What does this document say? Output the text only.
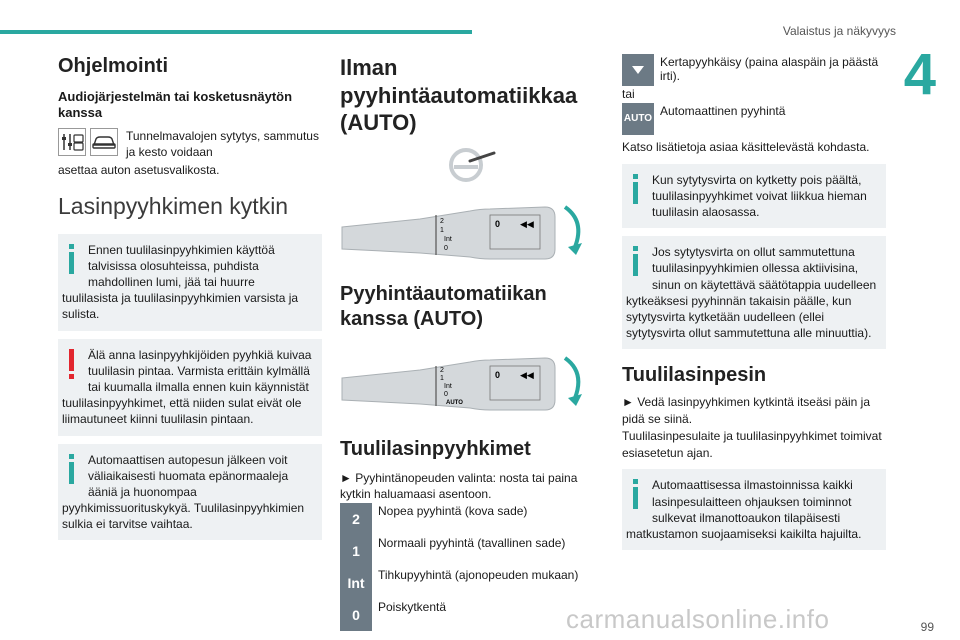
Valaistus ja näkyvyys
4
99
carmanualsonline.info
Ohjelmointi
Audiojärjestelmän tai kosketusnäytön kanssa
Tunnelmavalojen sytytys, sammutus ja kesto voidaan
asettaa auton asetusvalikosta.
Lasinpyyhkimen kytkin
Ennen tuulilasinpyyhkimien käyttöä talvisissa olosuhteissa, puhdista mahdollinen lumi, jää tai huurre tuulilasista ja tuulilasinpyyhkimien varsista ja sulista.
Älä anna lasinpyyhkijöiden pyyhkiä kuivaa tuulilasin pintaa. Varmista erittäin kylmällä tai kuumalla ilmalla ennen kuin käynnistät tuulilasinpyyhkimet, että niiden sulat eivät ole liimautuneet kiinni tuulilasin pintaan.
Automaattisen autopesun jälkeen voit väliaikaisesti huomata epänormaaleja ääniä ja huonompaa pyyhkimissuorituskykyä. Tuulilasinpyyhkimien sulkia ei tarvitse vaihtaa.
Ilman pyyhintäautomatiikkaa (AUTO)
2
1
Int
0
0 ◀◀
Pyyhintäautomatiikan kanssa (AUTO)
2
1
Int
0
AUTO
0 ◀◀
Tuulilasinpyyhkimet
► Pyyhintänopeuden valinta: nosta tai paina kytkin haluamaasi asentoon.
2	Nopea pyyhintä (kova sade)
1	Normaali pyyhintä (tavallinen sade)
Int	Tihkupyyhintä (ajonopeuden mukaan)
0	Poiskytkentä
Kertapyyhkäisy (paina alaspäin ja päästä irti).
tai
AUTO
Automaattinen pyyhintä
Katso lisätietoja asiaa käsittelevästä kohdasta.
Kun sytytysvirta on kytketty pois päältä, tuulilasinpyyhkimet voivat liikkua hieman tuulilasin alaosassa.
Jos sytytysvirta on ollut sammutettuna tuulilasinpyyhkimien ollessa aktiivisina, sinun on käytettävä säätötappia uudelleen kytkeäksesi pyyhinnän takaisin päälle, kun sytytysvirta kytketään uudelleen (ellei sytytysvirta ollut sammutettuna alle minuuttia).
Tuulilasinpesin
► Vedä lasinpyyhkimen kytkintä itseäsi päin ja pidä se siinä.
Tuulilasinpesulaite ja tuulilasinpyyhkimet toimivat esiasetetun ajan.
Automaattisessa ilmastoinnissa kaikki lasinpesulaitteen ohjauksen toiminnot sulkevat ilmanottoaukon tilapäisesti matkustamon suojaamiseksi kaikilta hajuilta.
